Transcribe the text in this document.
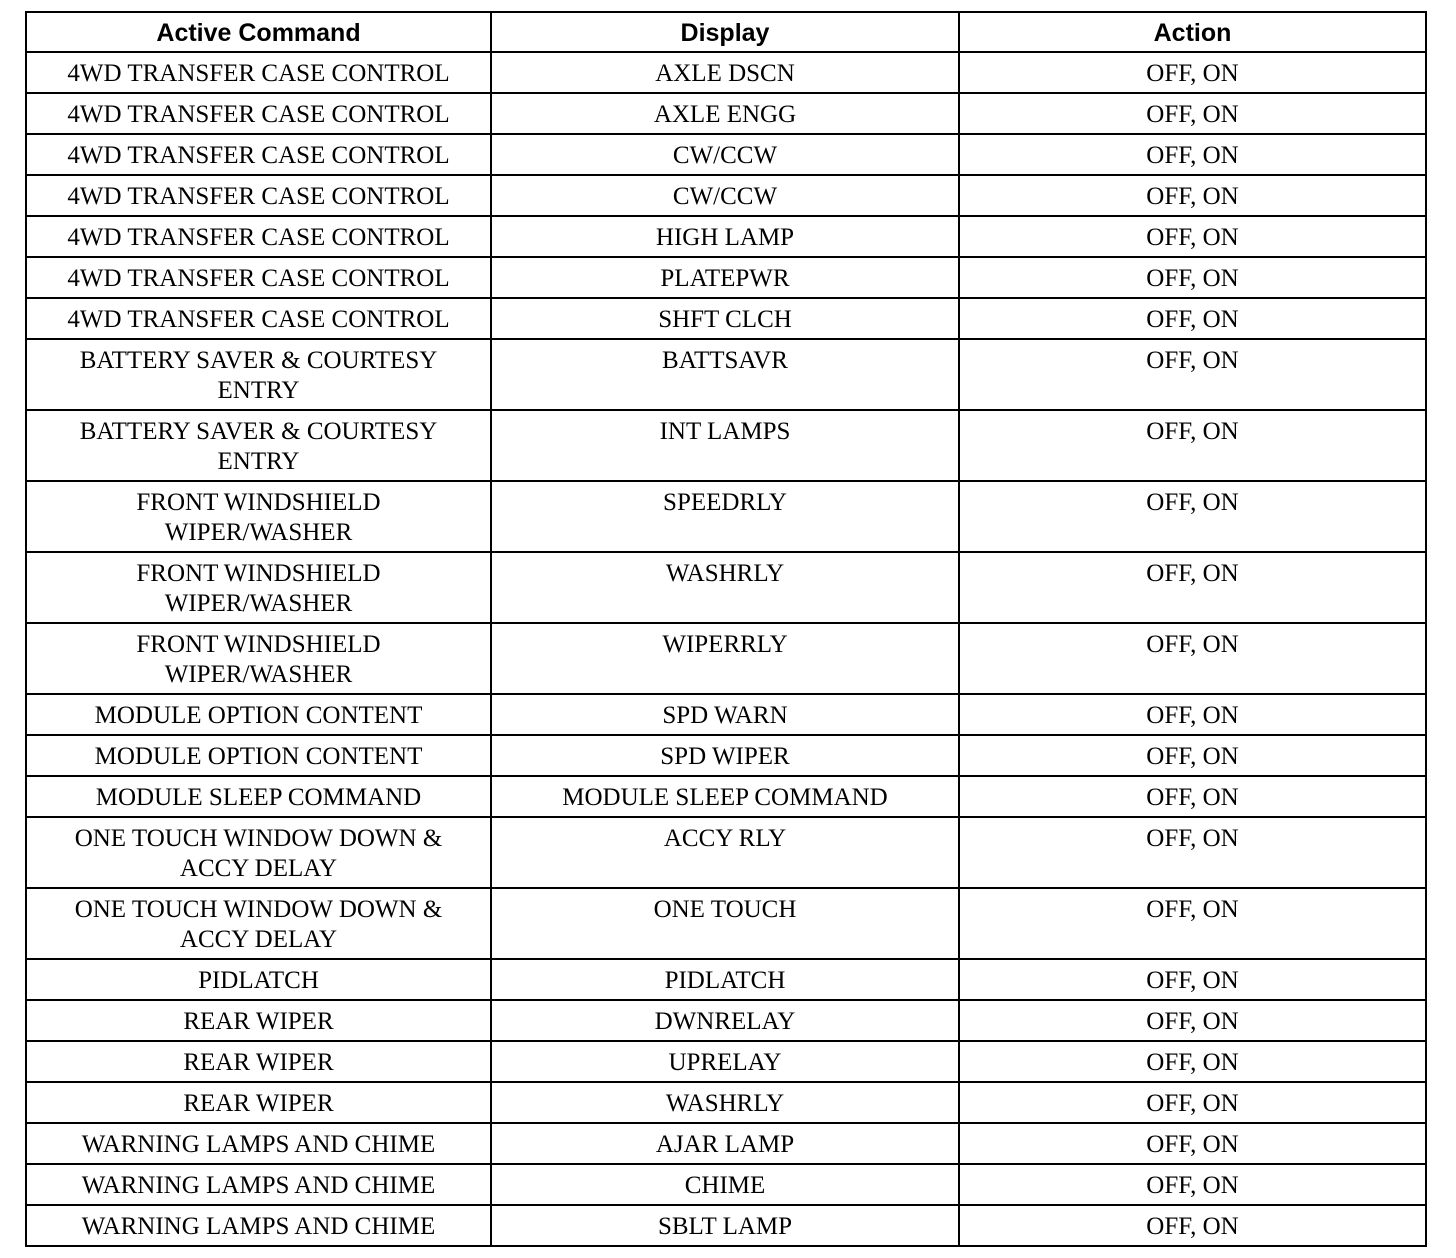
Active Command	Display	Action
4WD TRANSFER CASE CONTROL	AXLE DSCN	OFF, ON
4WD TRANSFER CASE CONTROL	AXLE ENGG	OFF, ON
4WD TRANSFER CASE CONTROL	CW/CCW	OFF, ON
4WD TRANSFER CASE CONTROL	CW/CCW	OFF, ON
4WD TRANSFER CASE CONTROL	HIGH LAMP	OFF, ON
4WD TRANSFER CASE CONTROL	PLATEPWR	OFF, ON
4WD TRANSFER CASE CONTROL	SHFT CLCH	OFF, ON
BATTERY SAVER & COURTESY ENTRY	BATTSAVR	OFF, ON
BATTERY SAVER & COURTESY ENTRY	INT LAMPS	OFF, ON
FRONT WINDSHIELD WIPER/WASHER	SPEEDRLY	OFF, ON
FRONT WINDSHIELD WIPER/WASHER	WASHRLY	OFF, ON
FRONT WINDSHIELD WIPER/WASHER	WIPERRLY	OFF, ON
MODULE OPTION CONTENT	SPD WARN	OFF, ON
MODULE OPTION CONTENT	SPD WIPER	OFF, ON
MODULE SLEEP COMMAND	MODULE SLEEP COMMAND	OFF, ON
ONE TOUCH WINDOW DOWN & ACCY DELAY	ACCY RLY	OFF, ON
ONE TOUCH WINDOW DOWN & ACCY DELAY	ONE TOUCH	OFF, ON
PIDLATCH	PIDLATCH	OFF, ON
REAR WIPER	DWNRELAY	OFF, ON
REAR WIPER	UPRELAY	OFF, ON
REAR WIPER	WASHRLY	OFF, ON
WARNING LAMPS AND CHIME	AJAR LAMP	OFF, ON
WARNING LAMPS AND CHIME	CHIME	OFF, ON
WARNING LAMPS AND CHIME	SBLT LAMP	OFF, ON
